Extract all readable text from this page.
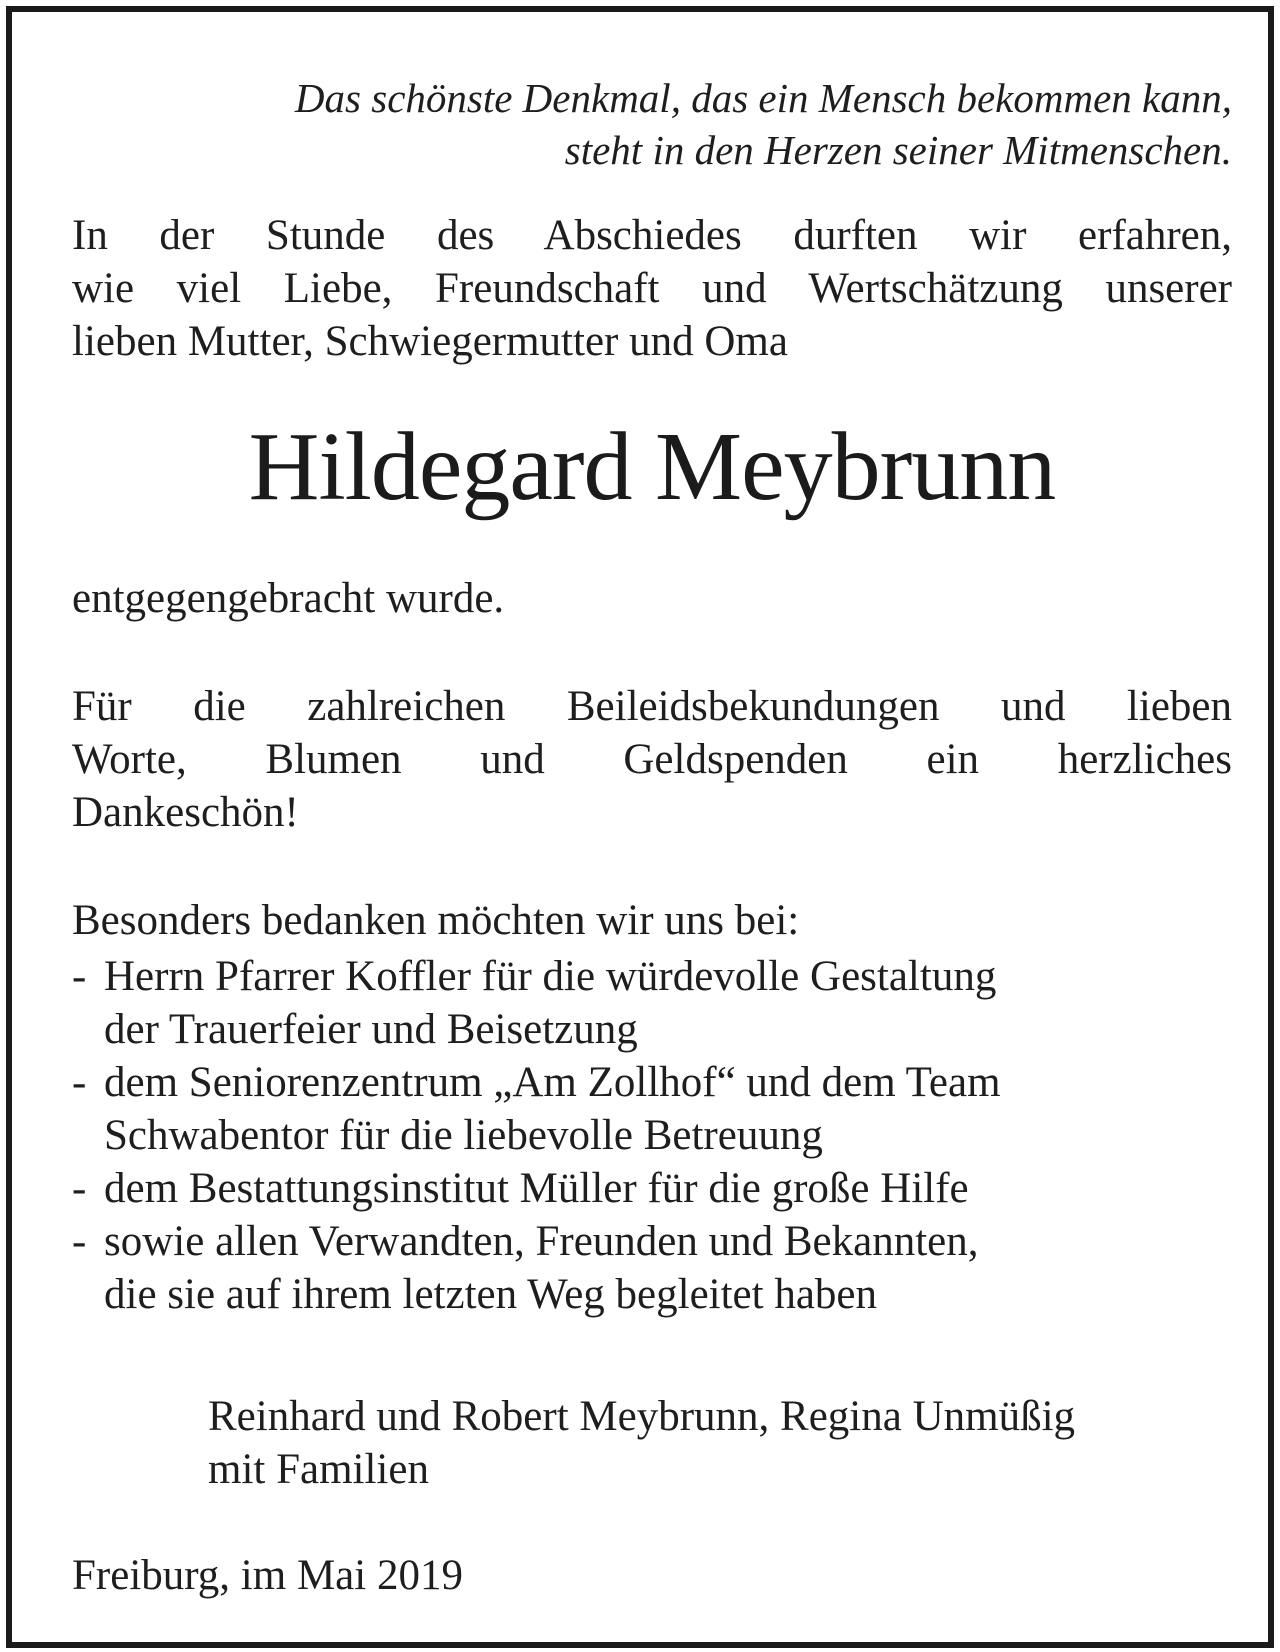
Das schönste Denkmal, das ein Mensch bekommen kann,
steht in den Herzen seiner Mitmenschen.
In der Stunde des Abschiedes durften wir erfahren,
wie viel Liebe, Freundschaft und Wertschätzung unserer
lieben Mutter, Schwiegermutter und Oma
Hildegard Meybrunn
entgegengebracht wurde.
Für die zahlreichen Beileidsbekundungen und lieben
Worte, Blumen und Geldspenden ein herzliches
Dankeschön!
Besonders bedanken möchten wir uns bei:
- Herrn Pfarrer Koffler für die würdevolle Gestaltung
der Trauerfeier und Beisetzung
- dem Seniorenzentrum „Am Zollhof“ und dem Team
Schwabentor für die liebevolle Betreuung
- dem Bestattungsinstitut Müller für die große Hilfe
- sowie allen Verwandten, Freunden und Bekannten,
die sie auf ihrem letzten Weg begleitet haben
Reinhard und Robert Meybrunn, Regina Unmüßig
mit Familien
Freiburg, im Mai 2019
